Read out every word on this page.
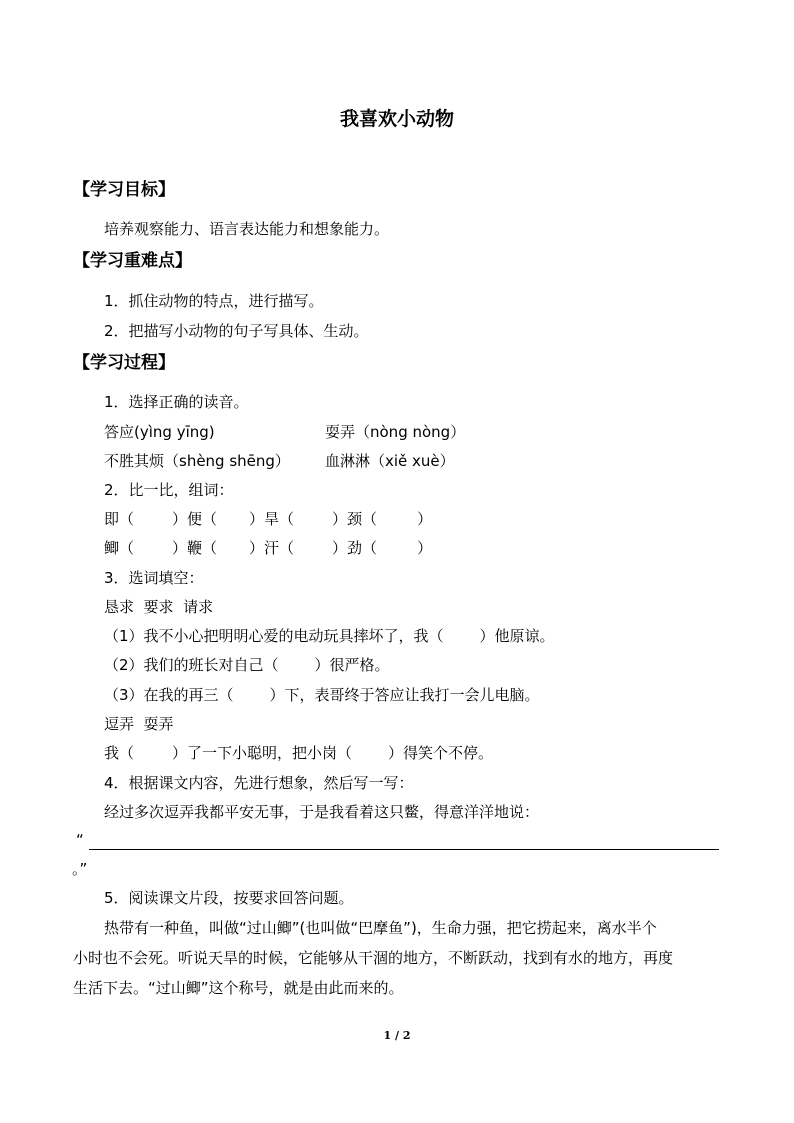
我喜欢小动物
【学习目标】
培养观察能力、语言表达能力和想象能力。
【学习重难点】
1．抓住动物的特点，进行描写。
2．把描写小动物的句子写具体、生动。
【学习过程】
1．选择正确的读音。
答应(yìng yīng)	耍弄（nòng nòng）
不胜其烦（shèng shēng） 血淋淋（xiě xuè）
2．比一比，组词：
即（	）便（ ）旱（	）颈（	）
鲫（	）鞭（ ）汗（	）劲（	）
3．选词填空：
恳求  要求  请求
（1）我不小心把明明心爱的电动玩具摔坏了，我（ ）他原谅。
（2）我们的班长对自己（ ）很严格。
（3）在我的再三（ ）下，表哥终于答应让我打一会儿电脑。
逗弄  耍弄
我（	）了一下小聪明，把小岗（ ）得笑个不停。
4．根据课文内容，先进行想象，然后写一写：
经过多次逗弄我都平安无事，于是我看着这只鳖，得意洋洋地说：
“
。”
5．阅读课文片段，按要求回答问题。
热带有一种鱼，叫做“过山鲫”(也叫做“巴摩鱼”)，生命力强，把它捞起来，离水半个
小时也不会死。听说天旱的时候，它能够从干涸的地方，不断跃动，找到有水的地方，再度
生活下去。“过山鲫”这个称号，就是由此而来的。
1 / 2
